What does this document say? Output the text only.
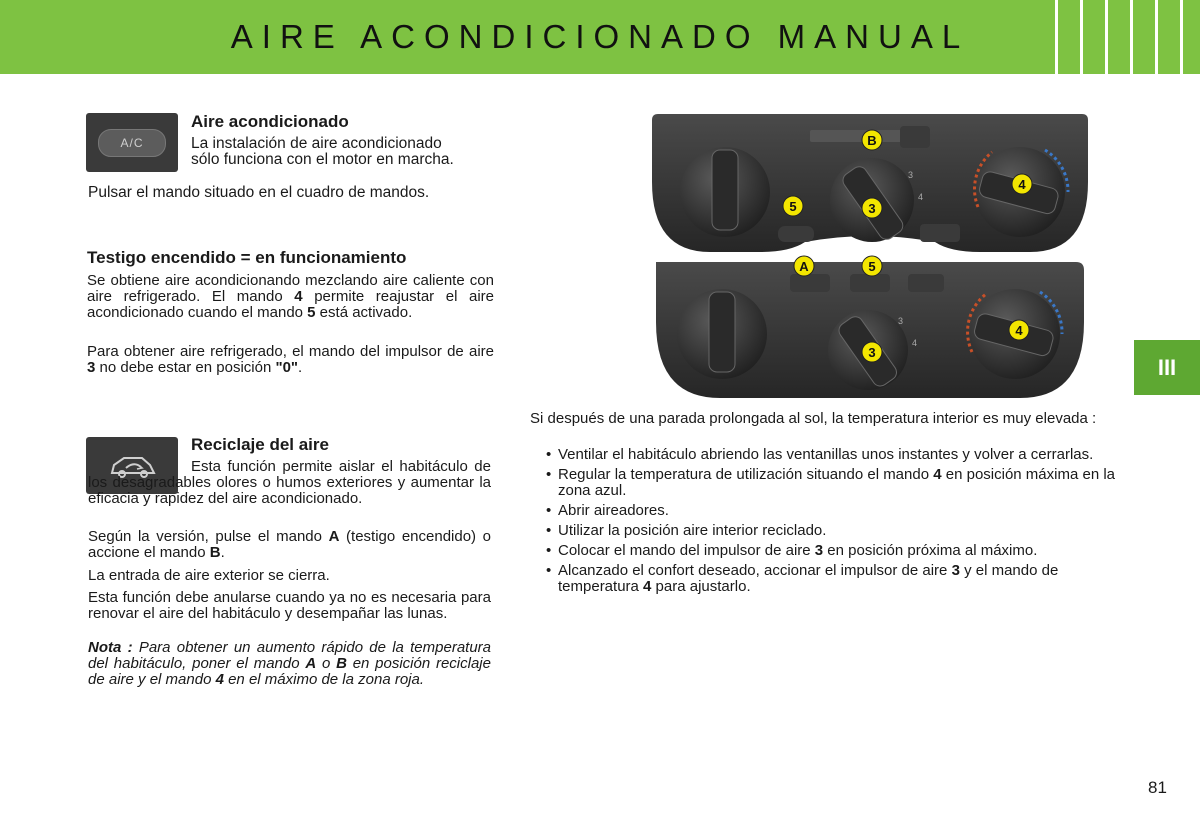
AIRE ACONDICIONADO MANUAL
III
A/C
Aire acondicionado
La instalación de aire acondicionado
sólo funciona con el motor en marcha.
Pulsar el mando situado en el cuadro de mandos.
Testigo encendido = en funcionamiento
Se obtiene aire acondicionando mezclando aire caliente con aire refrigerado. El mando 4 permite reajustar el aire acondicionado cuando el mando 5 está activado.
Para obtener aire refrigerado, el mando del impulsor de aire 3 no debe estar en posición "0".
Reciclaje del aire
Esta función permite aislar el habitáculo de los desagradables olores o humos exteriores y aumentar la eficacia y rapidez del aire acondicionado.
Según la versión, pulse el mando A (testigo encendido) o accione el mando B.
La entrada de aire exterior se cierra.
Esta función debe anularse cuando ya no es necesaria para renovar el aire del habitáculo y desempañar las lunas.
Nota : Para obtener un aumento rápido de la temperatura del habitáculo, poner el mando A o B en posición reciclaje de aire y el mando 4 en el máximo de la zona roja.
3
4
3
4
B
4
5	3
A	5
4
3
Si después de una parada prolongada al sol, la temperatura interior es muy elevada :
• Ventilar el habitáculo abriendo las ventanillas unos instantes y volver a cerrarlas.
• Regular la temperatura de utilización situando el mando 4 en posición máxima en la zona azul.
• Abrir aireadores.
• Utilizar la posición aire interior reciclado.
• Colocar el mando del impulsor de aire 3 en posición próxima al máximo.
• Alcanzado el confort deseado, accionar el impulsor de aire 3 y el mando de temperatura 4 para ajustarlo.
81
